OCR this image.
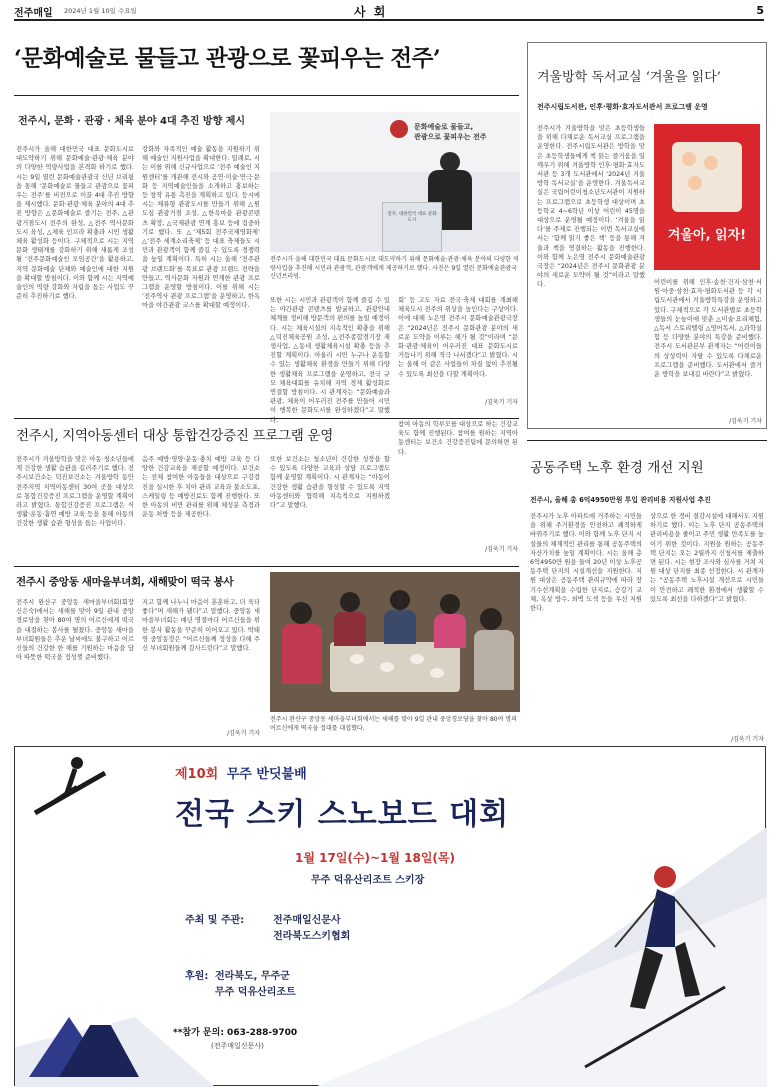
전주매일 2024년 1월 10일 수요일	사 회	5
‘문화예술로 물들고 관광으로 꽃피우는 전주’
전주시, 문화 · 관광 · 체육 분야 4대 추진 방향 제시
전주시가 올해 대한민국 대표 문화도시로 대도약하기 위해 문화예술·관광·체육 분야의 다양한 역량사업을 본격화 하기로 했다. 시는 9일 열린 문화예술관광국 신년 브리핑을 통해 ‘문화예술로 물들고 관광으로 꽃피우는 전주’를 비전으로 이끌 4대 추진 방향을 제시했다. 문화·관광·체육 분야의 4대 추진 방향은 △문화예술로 즐기는 전주, △관광거점도시 전주의 완성, △전주 역사문화도시 육성, △체육 인프라 확충과 시민 생활체육 활성화 등이다. 구체적으로 시는 지역 문화 생태계를 강화하기 위해 새롭게 조성될 ‘전주문화예술인 모임공간’을 활용하고, 지역 문화예술 단체와 예술인에 대한 지원을 확대할 방침이다. 이와 함께 시는 지역예술인의 역량 강화와 자립을 돕는 사업도 꾸준히 추진하기로 했다.
강화와 자족적인 예술 활동을 지원하기 위해 예술인 지원사업을 확대한다. 일례로, 시는 이를 위해 신규사업으로 ‘전주 예술인 지원센터’를 개관해 전시와 공연·미술·연극·문화 등 지역예술인들을 소개하고 홍보하는 등 창작 유통 촉진을 계획하고 있다. 등시에 시는 체류형 관광도시를 만들기 위해 △원도심 관광거점 조성, △한옥마을 관광콘텐츠 확장, △국제관광 연계 홍보 등에 집중하기로 했다. 또 △‘제5회 전주국제영화제’ △‘전주 세계소리축제’ 등 대표 축제들도 시민과 관광객이 함께 즐길 수 있도록 경쟁력을 높일 계획이다. 특히 시는 올해 ‘전주관광 브랜드화’를 목표로 관광 브랜드 전략을 만들고, 역사문화 자원과 연계한 관광 프로그램을 운영할 방침이다. 이를 위해 시는 ‘전주역사 관광 프로그램’을 운영하고, 한옥마을 야간관광 코스를 확대할 예정이다.
문화예술로 물들고,
관광으로 꽃피우는 전주
전주, 대한민국 대표 문화도시
전주시가 올해 대한민국 대표 문화도시로 대도약하기 위해 문화예술·관광·체육 분야의 다양한 역량사업을 추진해 시민과 관광객, 관광객에게 제공하기로 했다. 사진은 9일 열린 문화예술관광국 신년브리핑.
또한 시는 시민과 관광객이 함께 즐길 수 있는 야간관광 콘텐츠를 발굴하고, 관광안내 체계를 정비해 방문객의 편의를 높일 예정이다. 시는 체육시설의 지속적인 확충을 위해 △덕진체육공원 조성, △전주종합경기장 재생사업, △동네 생활체육시설 확충 등을 추진할 계획이다. 아울러 시민 누구나 운동할 수 있는 생활체육 환경을 만들기 위해 다양한 생활체육 프로그램을 운영하고, 전국 규모 체육대회를 유치해 지역 경제 활성화로 연결할 방침이다. 시 관계자는 “문화예술과 관광, 체육이 어우러진 전주를 만들어 시민이 행복한 문화도시를 완성하겠다”고 말했다.
회’ 등 고도 자료 전국·축제 대회를 개최해 체육도시 전주의 위상을 높인다는 구상이다. 이에 대해 노은영 전주시 문화예술관광국장은 “2024년은 전주시 문화관광 분야의 새로운 도약을 이루는 해가 될 것”이라며 “문화·관광·체육이 어우러진 대표 문화도시로 거듭나기 위해 적극 나서겠다”고 밝혔다. 시는 올해 이 같은 사업들이 차질 없이 추진될 수 있도록 최선을 다할 계획이다.
/김욱기 기자
겨울방학 독서교실 ‘겨울을 읽다’
전주시립도서관, 인후·평화·효자도서관서 프로그램 운영
전주시가 겨울방학을 맞은 초등학생들을 위해 다채로운 독서교실 프로그램을 운영한다. 전주시립도서관은 방학을 맞은 초등학생들에게 책 읽는 즐거움을 일깨우기 위해 겨울방학 인후·평화·효자도서관 등 3개 도서관에서 ‘2024년 겨울방학 독서교실’을 운영한다. 겨울독서교실은 국립어린이청소년도서관이 지원하는 프로그램으로 초등학생 대상이며 초등학교 4~6학년 이상 어린이 45명을 대상으로 운영될 예정이다. ‘겨울을 읽다’를 주제로 진행되는 이번 독서교실에서는 ‘함께 읽기 좋은 책’ 등을 통해 겨울과 책을 연결하는 활동을 진행한다. 이와 함께 노은영 전주시 문화예술관광국장은 “2024년은 전주시 문화관광 분야의 새로운 도약이 될 것”이라고 말했다.
겨울아, 읽자!
어린이를 위해 인후·송천·건지·삼천·서원·아중·삼천·효자·평화도서관 등 각 시립도서관에서 겨울방학특강을 운영하고 있다. 구체적으로 각 도서관별로 초등학생들의 눈높이에 맞춘 △미술·요리체험, △독서 스토리텔링 △영어독서, △과학실험 등 다양한 분야의 특강을 준비했다. 전주시 도서관본부 관계자는 “어린이들의 상상력이 자랄 수 있도록 다채로운 프로그램을 준비했다. 도서관에서 즐거운 방학을 보내길 바란다”고 밝혔다.
/김욱기 기자
전주시, 지역아동센터 대상 통합건강증진 프로그램 운영
전주시가 겨울방학을 맞은 아동·청소년들에게 건강한 생활 습관을 길러주기로 했다. 전주시보건소는 덕진보건소는 겨울방학 동안 전주지역 지역아동센터 30여 곳을 대상으로 통합건강증진 프로그램을 운영할 계획이라고 밝혔다. 통합건강증진 프로그램은 식생활·운동·흡연 예방 교육 등을 통해 아동의 건강한 생활 습관 형성을 돕는 사업이다.
음주 예방·영양·운동·충치 예방 교육 등 다양한 건강교육을 제공할 예정이다. 보건소는 전체 참여한 아동들을 대상으로 구강검진을 실시한 후 치아 관리 교육과 불소도포, 스케일링 등 예방진료도 함께 진행한다. 또한 아동의 비만 관리를 위해 체성분 측정과 운동 처방 등을 제공한다.
또한 보건소는 청소년이 건강한 성장을 할 수 있도록 다양한 교육과 상담 프로그램도 함께 운영할 계획이다. 시 관계자는 “아동이 건강한 생활 습관을 형성할 수 있도록 지역아동센터와 협력해 지속적으로 지원하겠다”고 말했다.
참여 아동의 학부모를 대상으로 하는 건강교육도 함께 진행된다. 참여를 원하는 지역아동센터는 보건소 건강증진팀에 문의하면 된다.
/김욱기 기자
전주시 중앙동 새마을부녀회, 새해맞이 떡국 봉사
전주시 완산구 중앙동 새마을부녀회(회장 신은숙)에서는 새해를 맞아 9일 관내 중앙경로당을 찾아 80여 명의 어르신에게 떡국을 대접하는 봉사를 펼쳤다. 중앙동 새마을부녀회원들은 추운 날씨에도 불구하고 어르신들의 건강한 한 해를 기원하는 마음을 담아 따뜻한 떡국을 정성껏 준비했다.
지고 함께 나누니 마음이 훈훈하고, 더 욱더 좋다”며 새해가 됐다”고 말했다. 중앙동 새마을부녀회는 매년 명절마다 어르신들을 위한 봉사 활동을 꾸준히 이어오고 있다. 박태영 중앙동장은 “어르신들께 정성을 다해 주신 부녀회원들께 감사드린다”고 말했다.
/김욱기 기자
전주시 완산구 중앙동 새마을부녀회에서는 새해를 맞아 9일 관내 중앙경로당을 찾아 80여 명의 어르신에게 떡국을 접대를 대접했다.
공동주택 노후 환경 개선 지원
전주시, 올해 총 6억4950만원 투입 관리비용 지원사업 추진
전주시가 노후 아파트에 거주하는 시민들을 위해 주거환경을 안전하고 쾌적하게 바꿔주기로 했다. 이와 함께 노후 단지 시설물의 체계적인 관리를 통해 공동주택의 자산가치를 높일 계획이다. 시는 올해 총 6억4950만 원을 들여 20년 이상 노후공동주택 단지의 시설개선을 지원한다. 지원 대상은 공동주택 관리규약에 따라 장기수선계획을 수립한 단지로, 승강기 교체, 옥상 방수, 외벽 도색 등을 우선 지원한다.
상으로 한 경비 절감시설에 대해서도 지원하기로 했다. 이는 노후 단지 공동주택의 관리비용을 줄이고 주민 생활 만족도를 높이기 위한 것이다. 지원을 원하는 공동주택 단지는 오는 2월까지 신청서를 제출하면 된다. 시는 현장 조사와 심사를 거쳐 지원 대상 단지를 최종 선정한다. 시 관계자는 “공동주택 노후시설 개선으로 시민들이 안전하고 쾌적한 환경에서 생활할 수 있도록 최선을 다하겠다”고 밝혔다.
/김욱기 기자
제10회 무주 반딧불배
전국 스키 스노보드 대회
1월 17일(수)~1월 18일(목)
무주 덕유산리조트 스키장
주최 및 주관:	전주매일신문사
전라북도스키협회
후원: 전라북도, 무주군
무주 덕유산리조트
**참가 문의: 063-288-9700
(전주매일신문사)
